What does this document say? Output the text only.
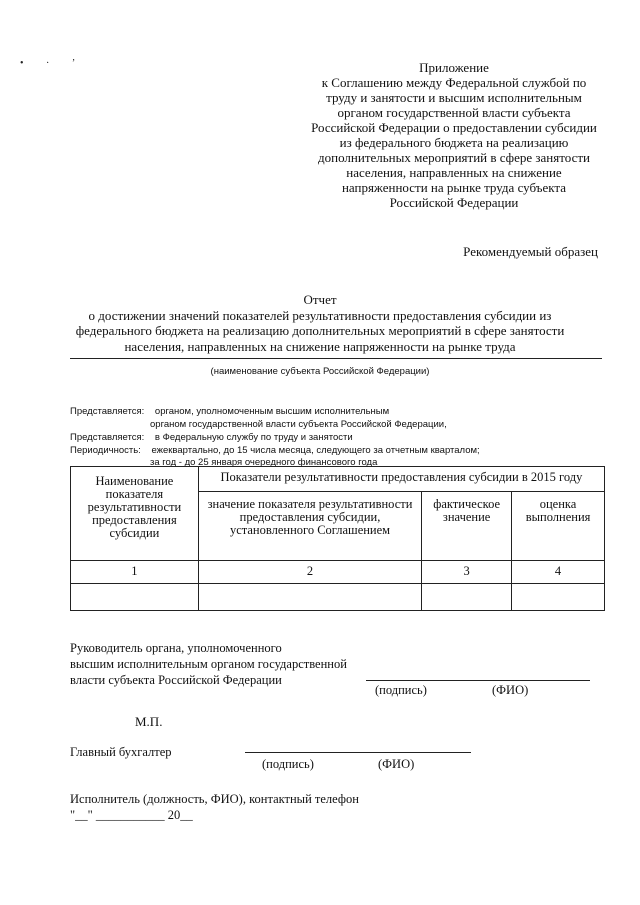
• · ʼ	Приложение
к Соглашению между Федеральной службой по
труду и занятости и высшим исполнительным
органом государственной власти субъекта
Российской Федерации о предоставлении субсидии
из федерального бюджета на реализацию
дополнительных мероприятий в сфере занятости
населения, направленных на снижение
напряженности на рынке труда субъекта
Российской Федерации
Рекомендуемый образец
Отчет
о достижении значений показателей результативности предоставления субсидии из
федерального бюджета на реализацию дополнительных мероприятий в сфере занятости
населения, направленных на снижение напряженности на рынке труда
(наименование субъекта Российской Федерации)
Представляется: органом, уполномоченным высшим исполнительным
органом государственной власти субъекта Российской Федерации,
Представляется: в Федеральную службу по труду и занятости
Периодичность: ежеквартально, до 15 числа месяца, следующего за отчетным кварталом;
за год - до 25 января очередного финансового года
Наименование показателя результативности предоставления субсидии	Показатели результативности предоставления субсидии в 2015 году		
	значение показателя результативности предоставления субсидии, установленного Соглашением	фактическое значение	оценка выполнения
1	2	3	4

Руководитель органа, уполномоченного
высшим исполнительным органом государственной
власти субъекта Российской Федерации
(подпись)	(ФИО)
М.П.
Главный бухгалтер
(подпись)	(ФИО)
Исполнитель (должность, ФИО), контактный телефон
"__" ___________ 20__
